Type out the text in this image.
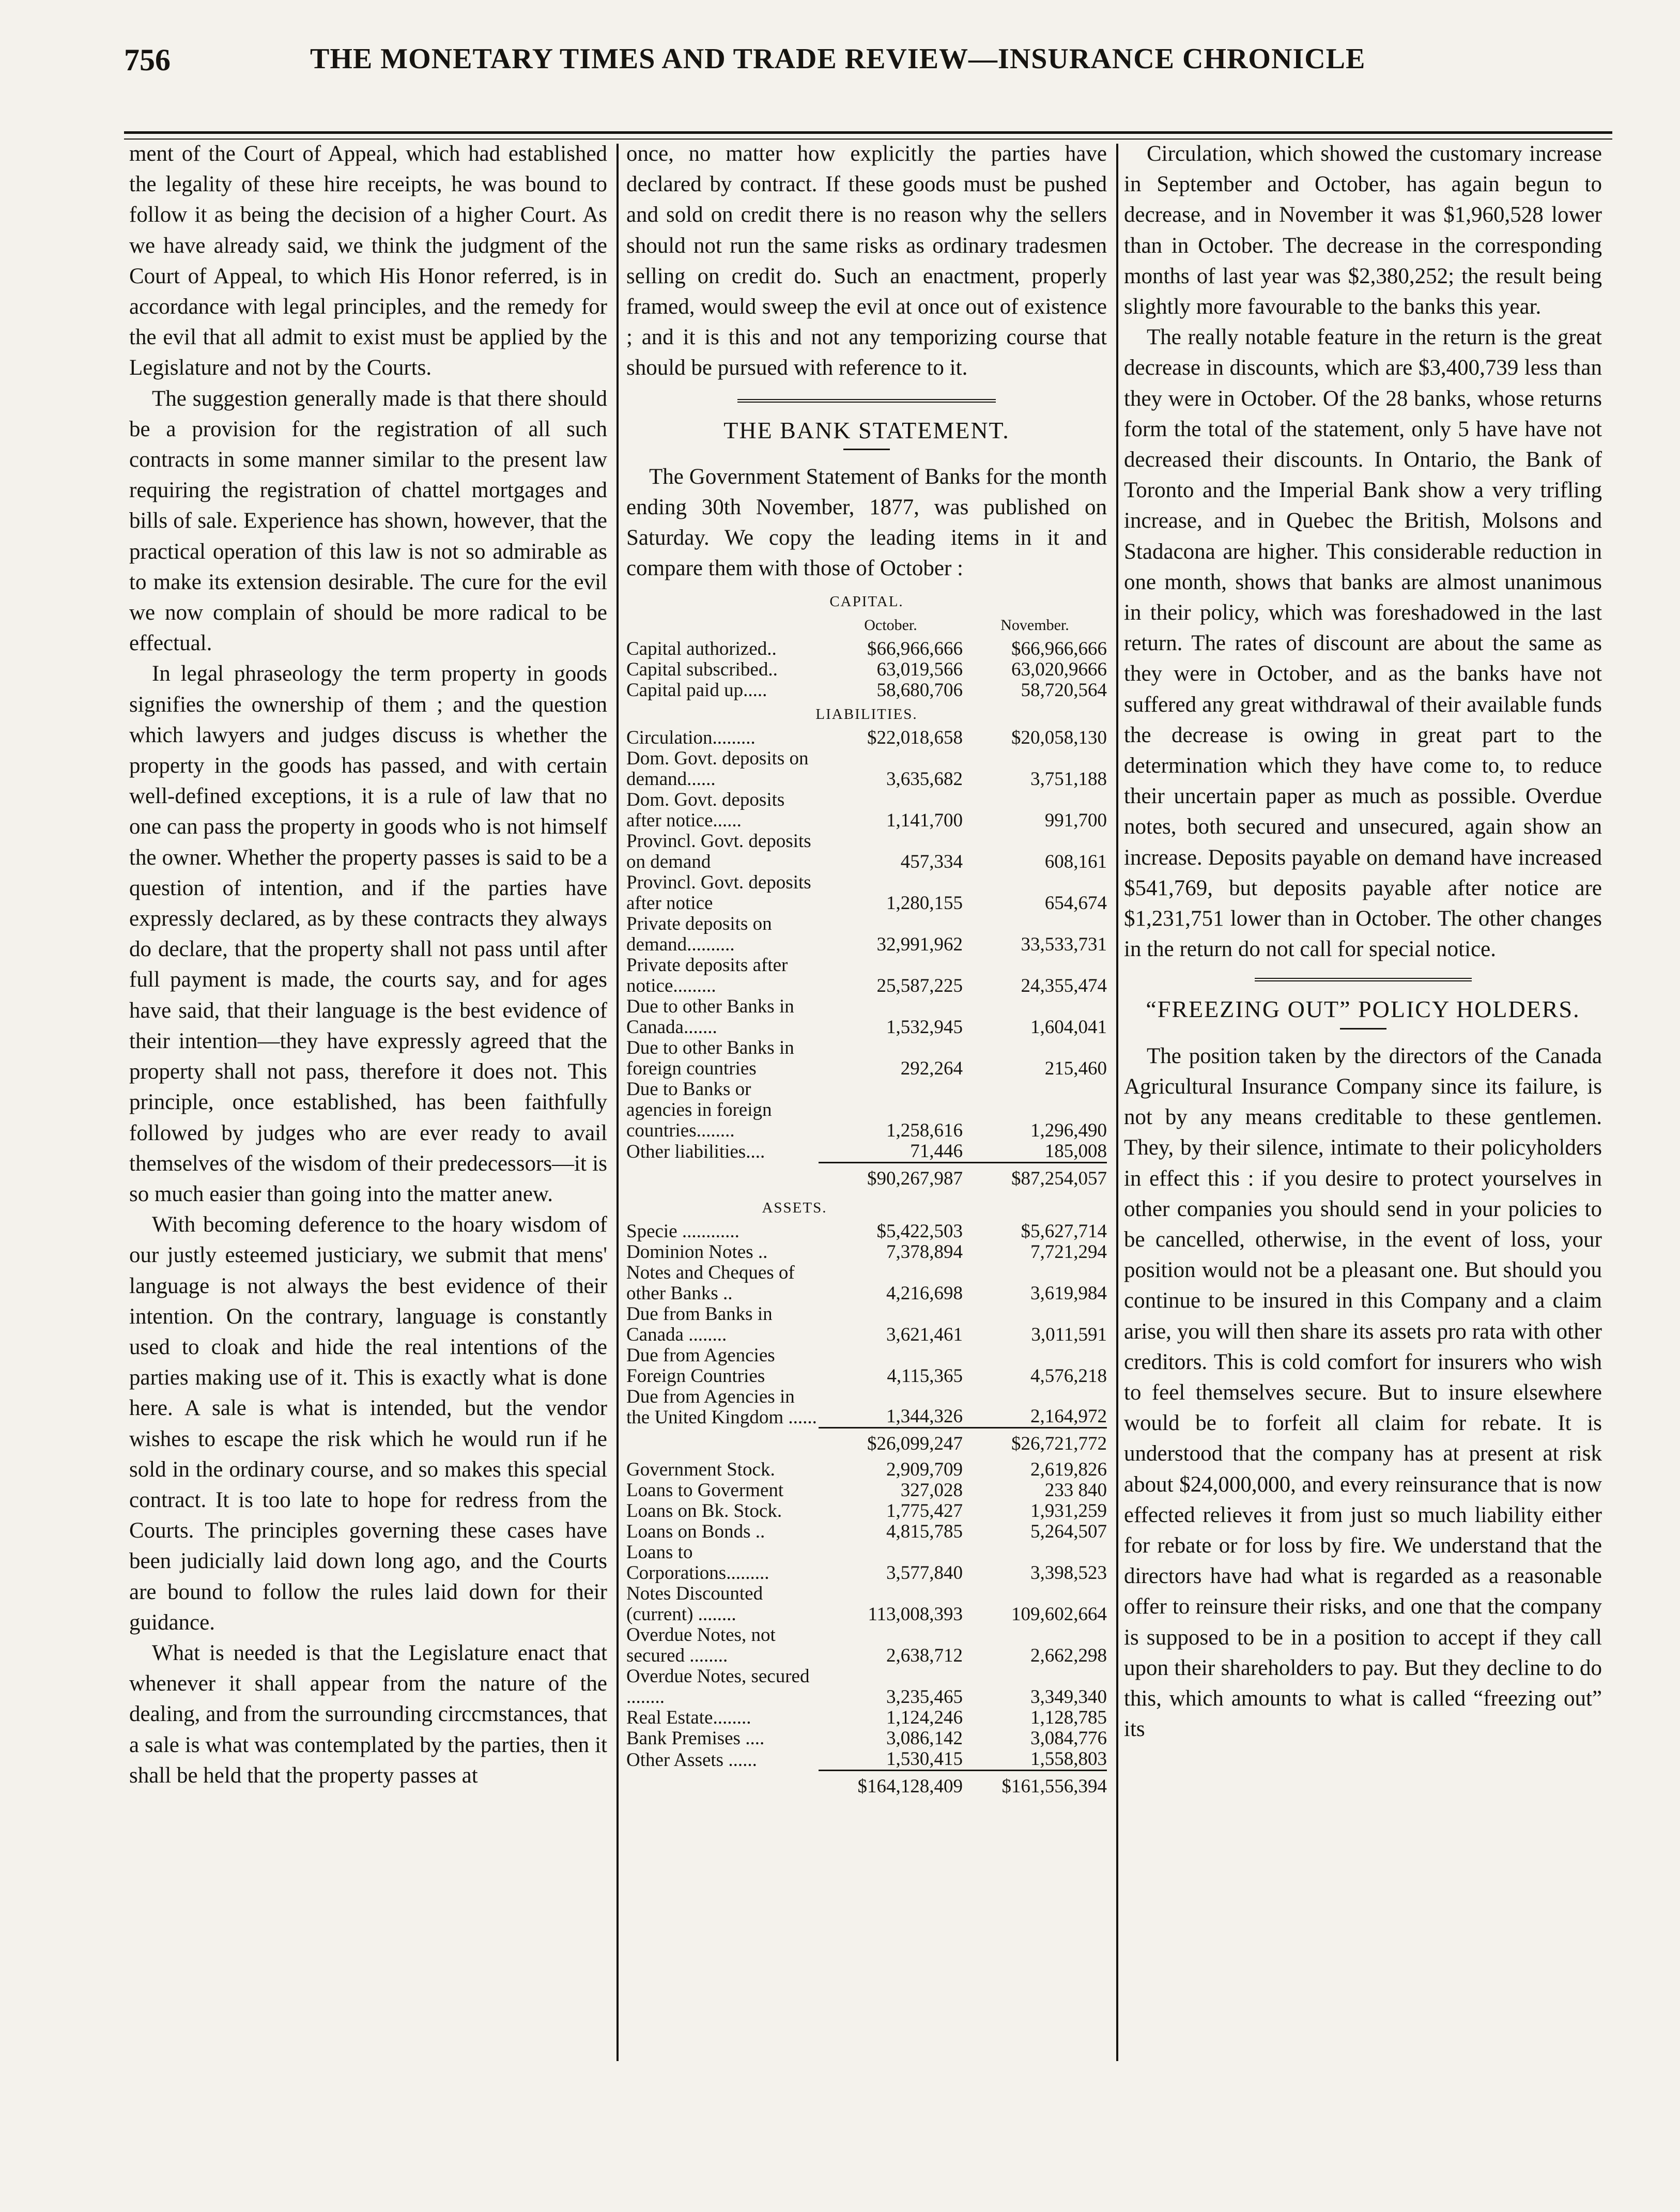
756	THE MONETARY TIMES AND TRADE REVIEW—INSURANCE CHRONICLE

ment of the Court of Appeal, which had established the legality of these hire receipts, he was bound to follow it as being the decision of a higher Court. As we have already said, we think the judgment of the Court of Appeal, to which His Honor referred, is in accordance with legal principles, and the remedy for the evil that all admit to exist must be applied by the Legislature and not by the Courts.

The suggestion generally made is that there should be a provision for the registration of all such contracts in some manner similar to the present law requiring the registration of chattel mortgages and bills of sale. Experience has shown, however, that the practical operation of this law is not so admirable as to make its extension desirable. The cure for the evil we now complain of should be more radical to be effectual.

In legal phraseology the term property in goods signifies the ownership of them ; and the question which lawyers and judges discuss is whether the property in the goods has passed, and with certain well-defined exceptions, it is a rule of law that no one can pass the property in goods who is not himself the owner. Whether the property passes is said to be a question of intention, and if the parties have expressly declared, as by these contracts they always do declare, that the property shall not pass until after full payment is made, the courts say, and for ages have said, that their language is the best evidence of their intention—they have expressly agreed that the property shall not pass, therefore it does not. This principle, once established, has been faithfully followed by judges who are ever ready to avail themselves of the wisdom of their predecessors—it is so much easier than going into the matter anew.

With becoming deference to the hoary wisdom of our justly esteemed justiciary, we submit that mens' language is not always the best evidence of their intention. On the contrary, language is constantly used to cloak and hide the real intentions of the parties making use of it. This is exactly what is done here. A sale is what is intended, but the vendor wishes to escape the risk which he would run if he sold in the ordinary course, and so makes this special contract. It is too late to hope for redress from the Courts. The principles governing these cases have been judicially laid down long ago, and the Courts are bound to follow the rules laid down for their guidance.

What is needed is that the Legislature enact that whenever it shall appear from the nature of the dealing, and from the surrounding circcmstances, that a sale is what was contemplated by the parties, then it shall be held that the property passes at

once, no matter how explicitly the parties have declared by contract. If these goods must be pushed and sold on credit there is no reason why the sellers should not run the same risks as ordinary tradesmen selling on credit do. Such an enactment, properly framed, would sweep the evil at once out of existence ; and it is this and not any temporizing course that should be pursued with reference to it.

THE BANK STATEMENT.

The Government Statement of Banks for the month ending 30th November, 1877, was published on Saturday. We copy the leading items in it and compare them with those of October :

CAPITAL.		
	October.	November.
Capital authorized..	$66,966,666	$66,966,666
Capital subscribed..	63,019,566	63,020,9666
Capital paid up.....	58,680,706	58,720,564
LIABILITIES.		
Circulation.........	$22,018,658	$20,058,130
Dom. Govt. deposits on demand......	3,635,682	3,751,188
Dom. Govt. deposits after notice......	1,141,700	991,700
Provincl. Govt. deposits on demand	457,334	608,161
Provincl. Govt. deposits after notice	1,280,155	654,674
Private deposits on demand..........	32,991,962	33,533,731
Private deposits after notice.........	25,587,225	24,355,474
Due to other Banks in Canada.......	1,532,945	1,604,041
Due to other Banks in foreign countries	292,264	215,460
Due to Banks or agencies in foreign countries........	1,258,616	1,296,490
Other liabilities....	71,446	185,008
	$90,267,987	$87,254,057
ASSETS.		
Specie ............	$5,422,503	$5,627,714
Dominion Notes ..	7,378,894	7,721,294
Notes and Cheques of other Banks ..	4,216,698	3,619,984
Due from Banks in Canada ........	3,621,461	3,011,591
Due from Agencies Foreign Countries	4,115,365	4,576,218
Due from Agencies in the United Kingdom ......	1,344,326	2,164,972
	$26,099,247	$26,721,772
Government Stock.	2,909,709	2,619,826
Loans to Goverment	327,028	233 840
Loans on Bk. Stock.	1,775,427	1,931,259
Loans on Bonds ..	4,815,785	5,264,507
Loans to Corporations.........	3,577,840	3,398,523
Notes Discounted (current) ........	113,008,393	109,602,664
Overdue Notes, not secured ........	2,638,712	2,662,298
Overdue Notes, secured ........	3,235,465	3,349,340
Real Estate........	1,124,246	1,128,785
Bank Premises ....	3,086,142	3,084,776
Other Assets ......	1,530,415	1,558,803
	$164,128,409	$161,556,394

Circulation, which showed the customary increase in September and October, has again begun to decrease, and in November it was $1,960,528 lower than in October. The decrease in the corresponding months of last year was $2,380,252; the result being slightly more favourable to the banks this year.

The really notable feature in the return is the great decrease in discounts, which are $3,400,739 less than they were in October. Of the 28 banks, whose returns form the total of the statement, only 5 have have not decreased their discounts. In Ontario, the Bank of Toronto and the Imperial Bank show a very trifling increase, and in Quebec the British, Molsons and Stadacona are higher. This considerable reduction in one month, shows that banks are almost unanimous in their policy, which was foreshadowed in the last return. The rates of discount are about the same as they were in October, and as the banks have not suffered any great withdrawal of their available funds the decrease is owing in great part to the determination which they have come to, to reduce their uncertain paper as much as possible. Overdue notes, both secured and unsecured, again show an increase. Deposits payable on demand have increased $541,769, but deposits payable after notice are $1,231,751 lower than in October. The other changes in the return do not call for special notice.

“FREEZING OUT” POLICY HOLDERS.

The position taken by the directors of the Canada Agricultural Insurance Company since its failure, is not by any means creditable to these gentlemen. They, by their silence, intimate to their policyholders in effect this : if you desire to protect yourselves in other companies you should send in your policies to be cancelled, otherwise, in the event of loss, your position would not be a pleasant one. But should you continue to be insured in this Company and a claim arise, you will then share its assets pro rata with other creditors. This is cold comfort for insurers who wish to feel themselves secure. But to insure elsewhere would be to forfeit all claim for rebate. It is understood that the company has at present at risk about $24,000,000, and every reinsurance that is now effected relieves it from just so much liability either for rebate or for loss by fire. We understand that the directors have had what is regarded as a reasonable offer to reinsure their risks, and one that the company is supposed to be in a position to accept if they call upon their shareholders to pay. But they decline to do this, which amounts to what is called “freezing out” its
